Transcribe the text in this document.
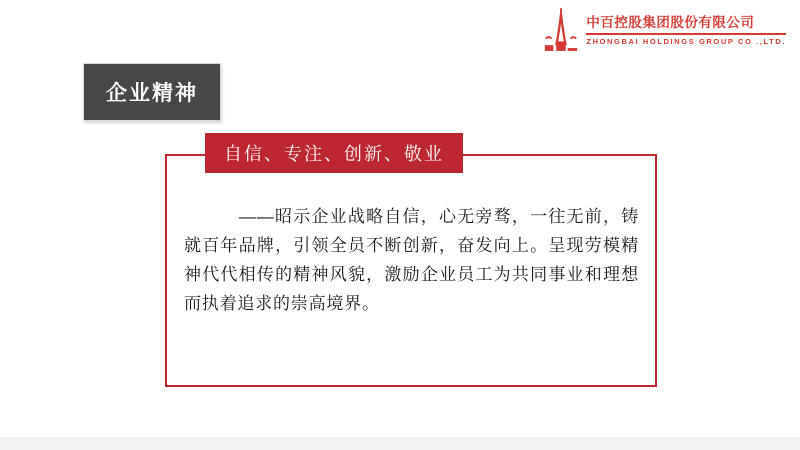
中百控股集团股份有限公司
ZHONGBAI HOLDINGS GROUP CO .,LTD.
企业精神
自信、专注、创新、敬业

——昭示企业战略自信，心无旁骛，一往无前，铸就百年品牌，引领全员不断创新，奋发向上。呈现劳模精神代代相传的精神风貌，激励企业员工为共同事业和理想而执着追求的崇高境界。
